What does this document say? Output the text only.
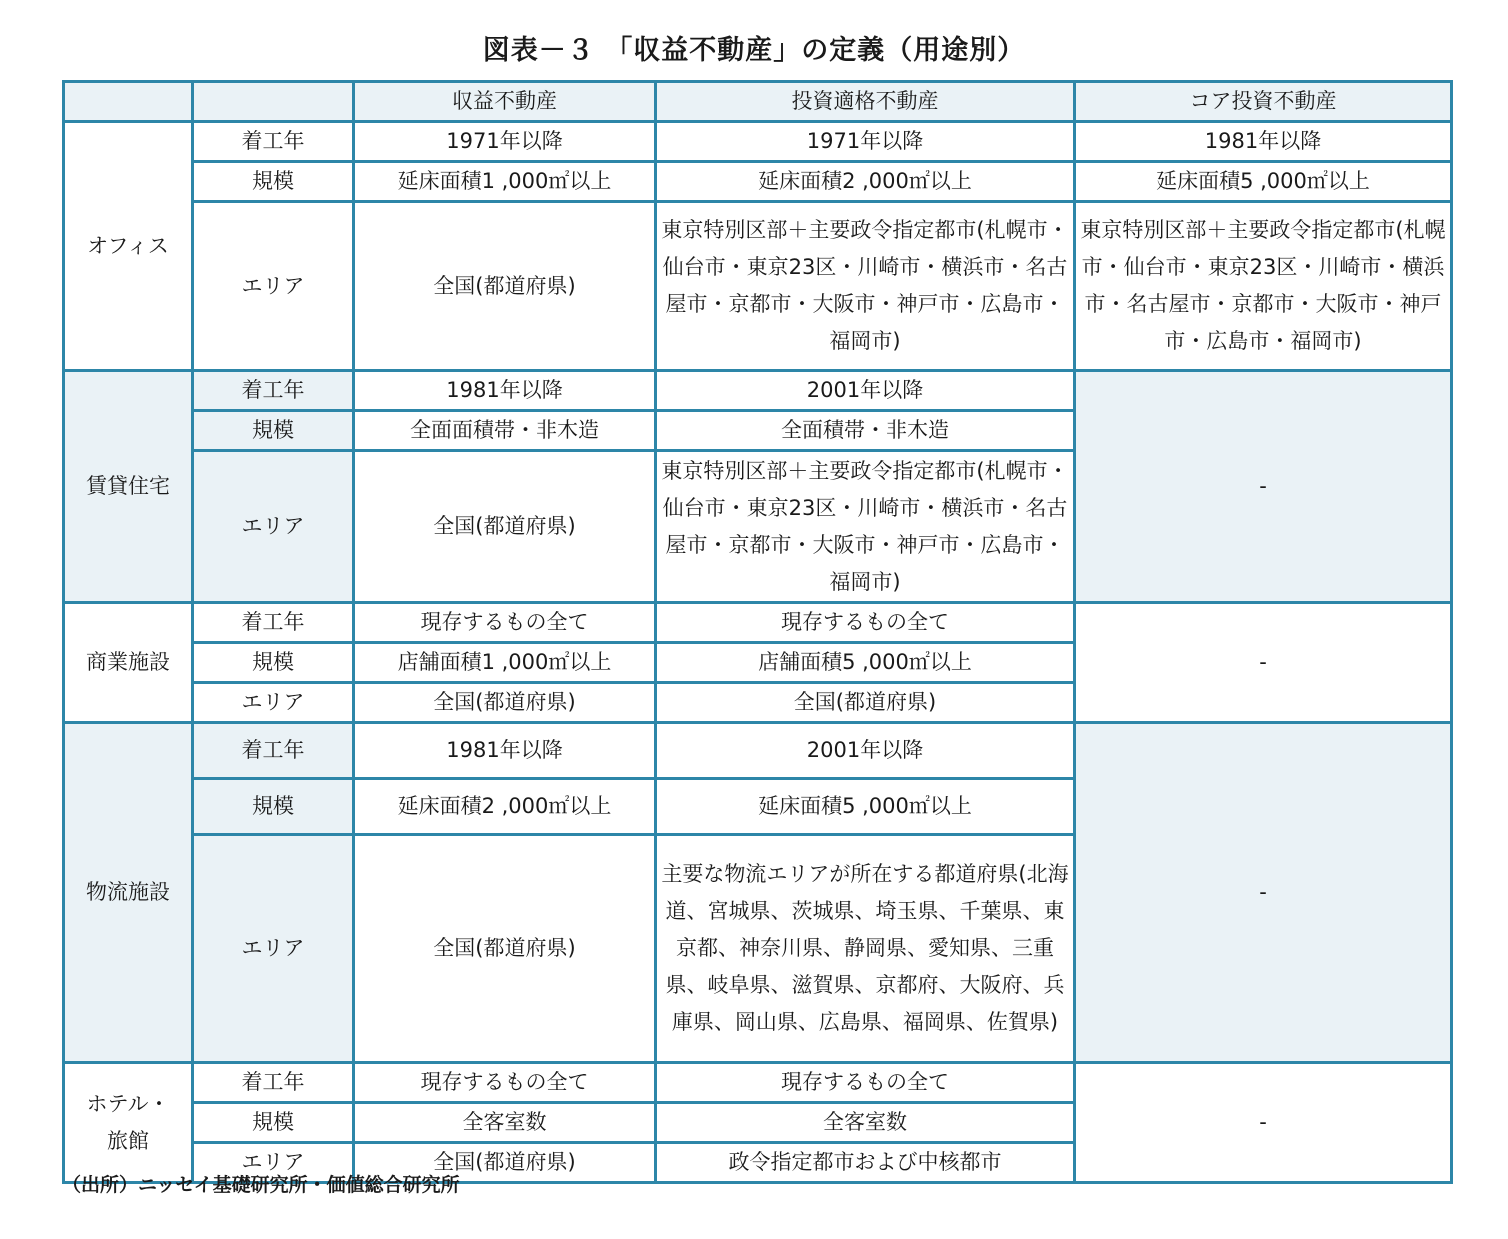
図表－３ 「収益不動産」の定義（用途別）
		収益不動産	投資適格不動産	コア投資不動産
オフィス	着工年	1971年以降	1971年以降	1981年以降
	規模	延床面積1 ,000㎡以上	延床面積2 ,000㎡以上	延床面積5 ,000㎡以上
	エリア	全国(都道府県)	東京特別区部＋主要政令指定都市(札幌市・仙台市・東京23区・川崎市・横浜市・名古屋市・京都市・大阪市・神戸市・広島市・福岡市)	東京特別区部＋主要政令指定都市(札幌市・仙台市・東京23区・川崎市・横浜市・名古屋市・京都市・大阪市・神戸市・広島市・福岡市)
賃貸住宅	着工年	1981年以降	2001年以降	-
	規模	全面面積帯・非木造	全面積帯・非木造	
	エリア	全国(都道府県)	東京特別区部＋主要政令指定都市(札幌市・仙台市・東京23区・川崎市・横浜市・名古屋市・京都市・大阪市・神戸市・広島市・福岡市)	
商業施設	着工年	現存するもの全て	現存するもの全て	-
	規模	店舗面積1 ,000㎡以上	店舗面積5 ,000㎡以上	
	エリア	全国(都道府県)	全国(都道府県)	
物流施設	着工年	1981年以降	2001年以降	-
	規模	延床面積2 ,000㎡以上	延床面積5 ,000㎡以上	
	エリア	全国(都道府県)	主要な物流エリアが所在する都道府県(北海道、宮城県、茨城県、埼玉県、千葉県、東京都、神奈川県、静岡県、愛知県、三重県、岐阜県、滋賀県、京都府、大阪府、兵庫県、岡山県、広島県、福岡県、佐賀県)	

ホテル・旅館	着工年	現存するもの全て	現存するもの全て	-
	規模	全客室数	全客室数	
	エリア	全国(都道府県)	政令指定都市および中核都市	
（出所）ニッセイ基礎研究所・価値総合研究所
